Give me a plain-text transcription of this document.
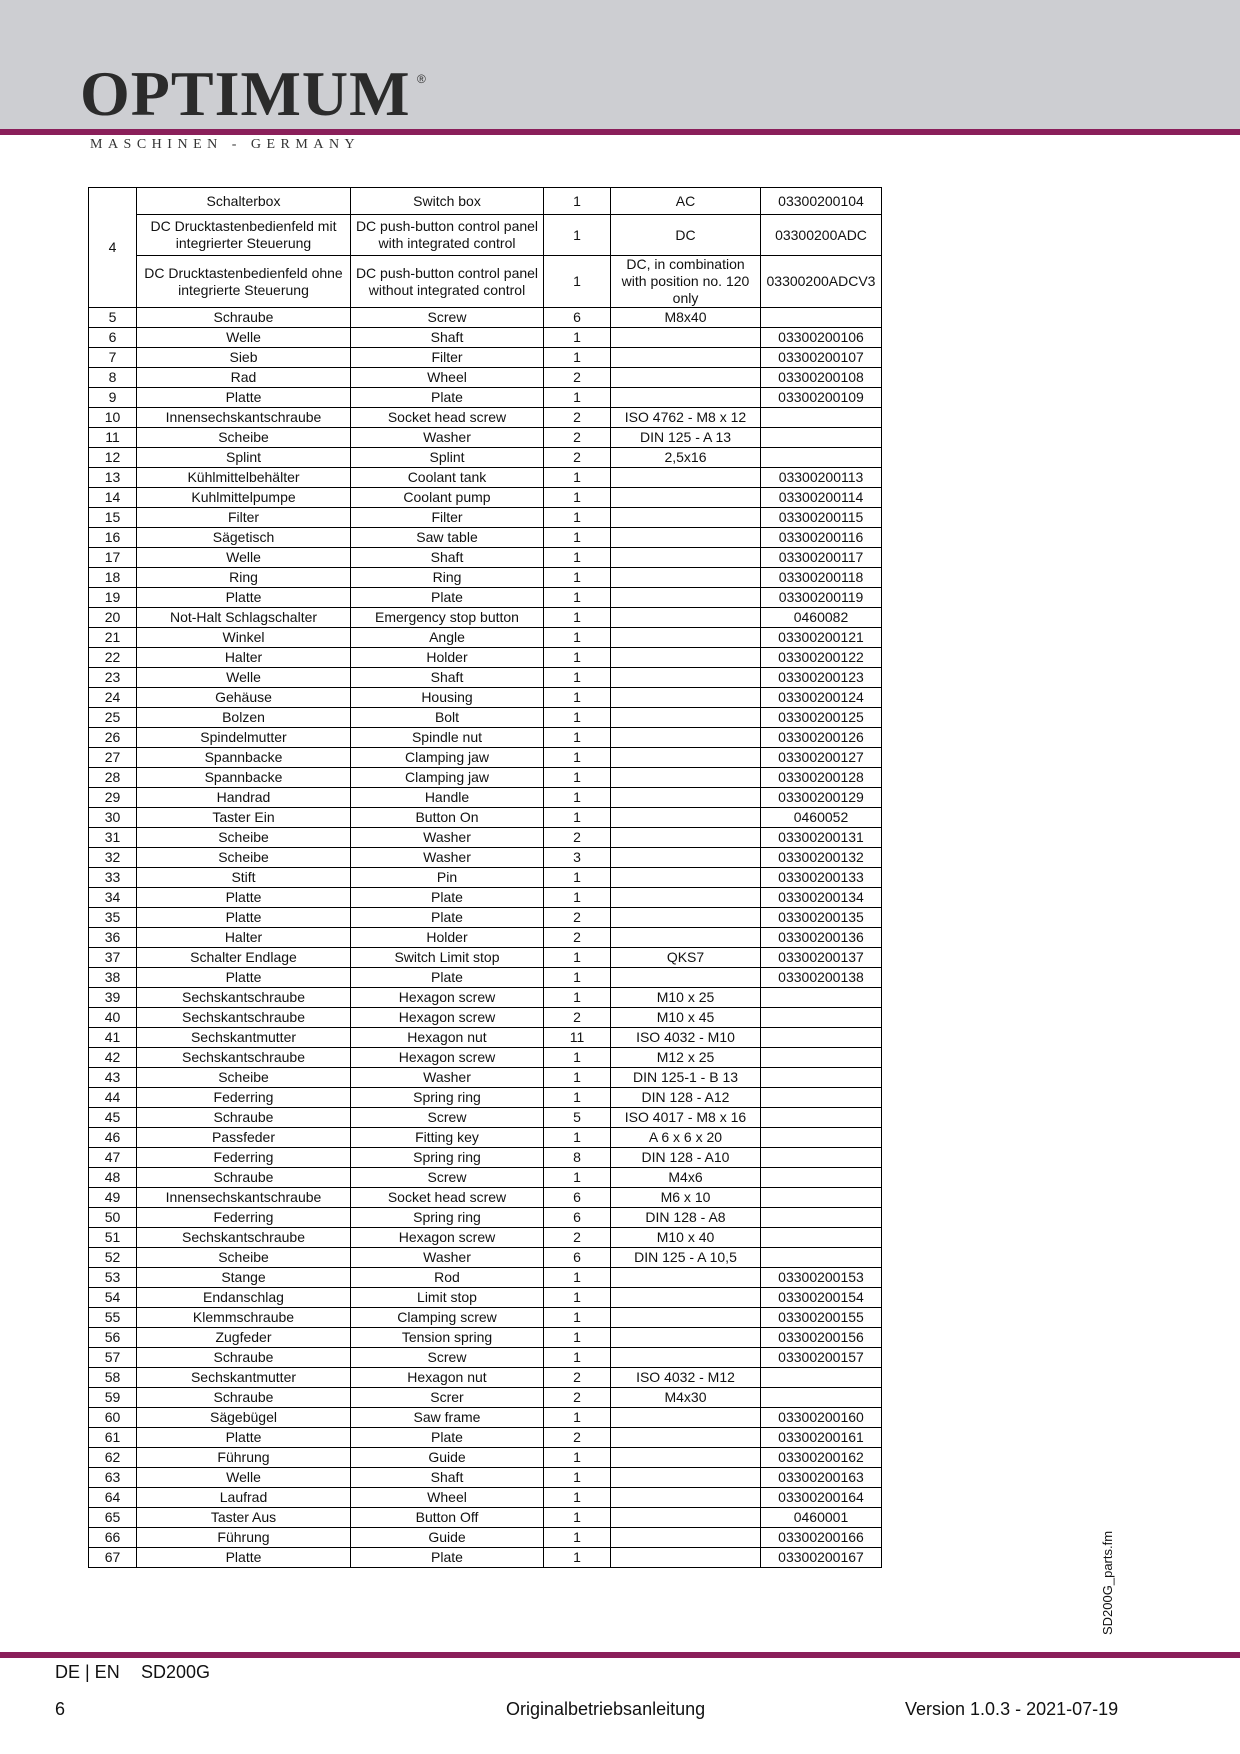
OPTIMUM ®
MASCHINEN - GERMANY
4	Schalterbox	Switch box	1	AC	03300200104
	DC Drucktastenbedienfeld mit integrierter Steuerung	DC push-button control panel with integrated control	1	DC	03300200ADC
	DC Drucktastenbedienfeld ohne integrierte Steuerung	DC push-button control panel without integrated control	1	DC, in combination with position no. 120 only	03300200ADCV3
5	Schraube	Screw	6	M8x40	
6	Welle	Shaft	1		03300200106
7	Sieb	Filter	1		03300200107
8	Rad	Wheel	2		03300200108
9	Platte	Plate	1		03300200109
10	Innensechskantschraube	Socket head screw	2	ISO 4762 - M8 x 12	
11	Scheibe	Washer	2	DIN 125 - A 13	
12	Splint	Splint	2	2,5x16	
13	Kühlmittelbehälter	Coolant tank	1		03300200113
14	Kuhlmittelpumpe	Coolant pump	1		03300200114
15	Filter	Filter	1		03300200115
16	Sägetisch	Saw table	1		03300200116
17	Welle	Shaft	1		03300200117
18	Ring	Ring	1		03300200118
19	Platte	Plate	1		03300200119
20	Not-Halt Schlagschalter	Emergency stop button	1		0460082
21	Winkel	Angle	1		03300200121
22	Halter	Holder	1		03300200122
23	Welle	Shaft	1		03300200123
24	Gehäuse	Housing	1		03300200124
25	Bolzen	Bolt	1		03300200125
26	Spindelmutter	Spindle nut	1		03300200126
27	Spannbacke	Clamping jaw	1		03300200127
28	Spannbacke	Clamping jaw	1		03300200128
29	Handrad	Handle	1		03300200129
30	Taster Ein	Button On	1		0460052
31	Scheibe	Washer	2		03300200131
32	Scheibe	Washer	3		03300200132
33	Stift	Pin	1		03300200133
34	Platte	Plate	1		03300200134
35	Platte	Plate	2		03300200135
36	Halter	Holder	2		03300200136
37	Schalter Endlage	Switch Limit stop	1	QKS7	03300200137
38	Platte	Plate	1		03300200138
39	Sechskantschraube	Hexagon screw	1	M10 x 25	
40	Sechskantschraube	Hexagon screw	2	M10 x 45	
41	Sechskantmutter	Hexagon nut	11	ISO 4032 - M10	
42	Sechskantschraube	Hexagon screw	1	M12 x 25	
43	Scheibe	Washer	1	DIN 125-1 - B 13	
44	Federring	Spring ring	1	DIN 128 - A12	
45	Schraube	Screw	5	ISO 4017 - M8 x 16	
46	Passfeder	Fitting key	1	A 6 x 6 x 20	
47	Federring	Spring ring	8	DIN 128 - A10	
48	Schraube	Screw	1	M4x6	
49	Innensechskantschraube	Socket head screw	6	M6 x 10	
50	Federring	Spring ring	6	DIN 128 - A8	
51	Sechskantschraube	Hexagon screw	2	M10 x 40	
52	Scheibe	Washer	6	DIN 125 - A 10,5	
53	Stange	Rod	1		03300200153
54	Endanschlag	Limit stop	1		03300200154
55	Klemmschraube	Clamping screw	1		03300200155
56	Zugfeder	Tension spring	1		03300200156
57	Schraube	Screw	1		03300200157
58	Sechskantmutter	Hexagon nut	2	ISO 4032 - M12	
59	Schraube	Screr	2	M4x30	
60	Sägebügel	Saw frame	1		03300200160
61	Platte	Plate	2		03300200161
62	Führung	Guide	1		03300200162
63	Welle	Shaft	1		03300200163
64	Laufrad	Wheel	1		03300200164
65	Taster Aus	Button Off	1		0460001
66	Führung	Guide	1		03300200166
67	Platte	Plate	1		03300200167	SD200G_parts.fm
DE | EN SD200G
6	Originalbetriebsanleitung	Version 1.0.3 - 2021-07-19
